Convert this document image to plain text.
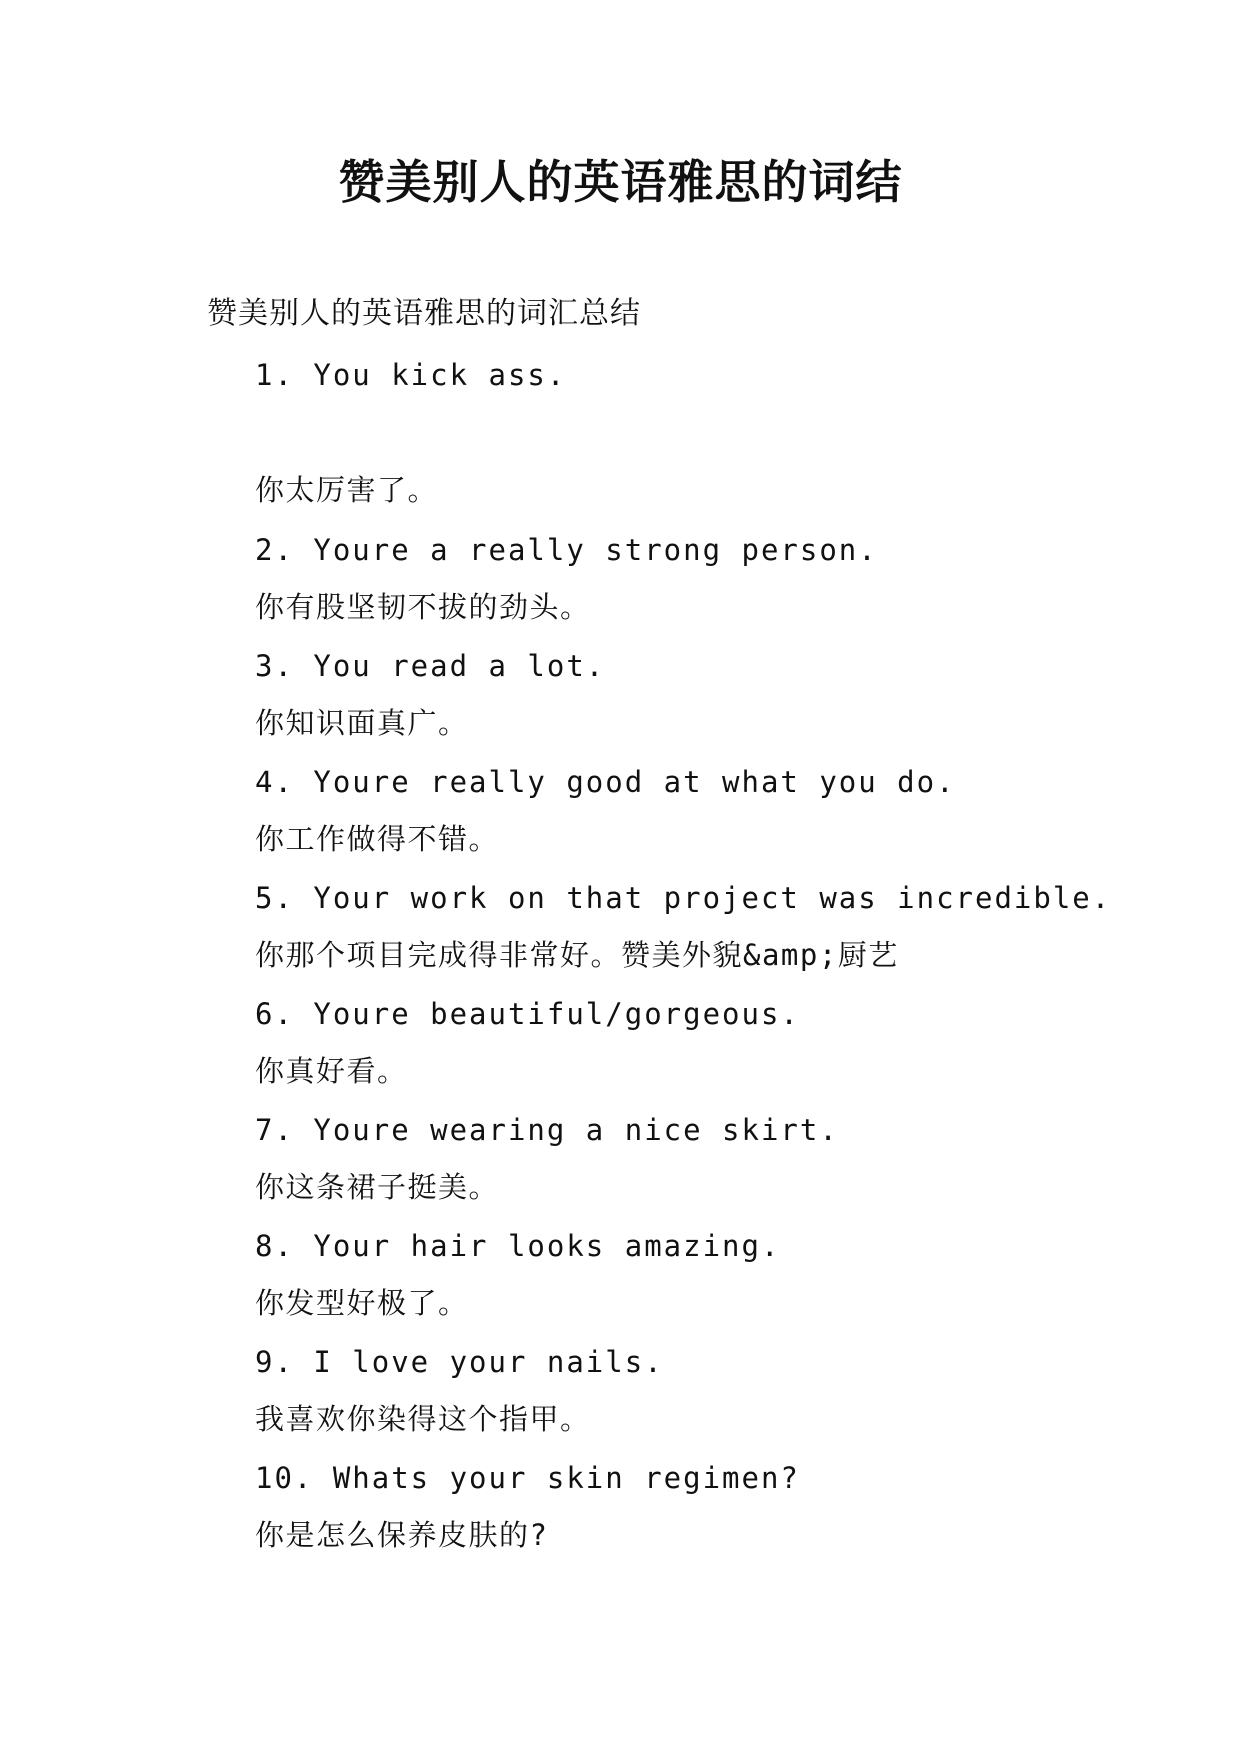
赞美别人的英语雅思的词结

赞美别人的英语雅思的词汇总结

1. You kick ass.

你太厉害了。

2. Youre a really strong person.

你有股坚韧不拔的劲头。

3. You read a lot.

你知识面真广。

4. Youre really good at what you do.

你工作做得不错。

5. Your work on that project was incredible.

你那个项目完成得非常好。赞美外貌&amp;厨艺

6. Youre beautiful/gorgeous.

你真好看。

7. Youre wearing a nice skirt.

你这条裙子挺美。

8. Your hair looks amazing.

你发型好极了。

9. I love your nails.

我喜欢你染得这个指甲。

10. Whats your skin regimen?

你是怎么保养皮肤的?
